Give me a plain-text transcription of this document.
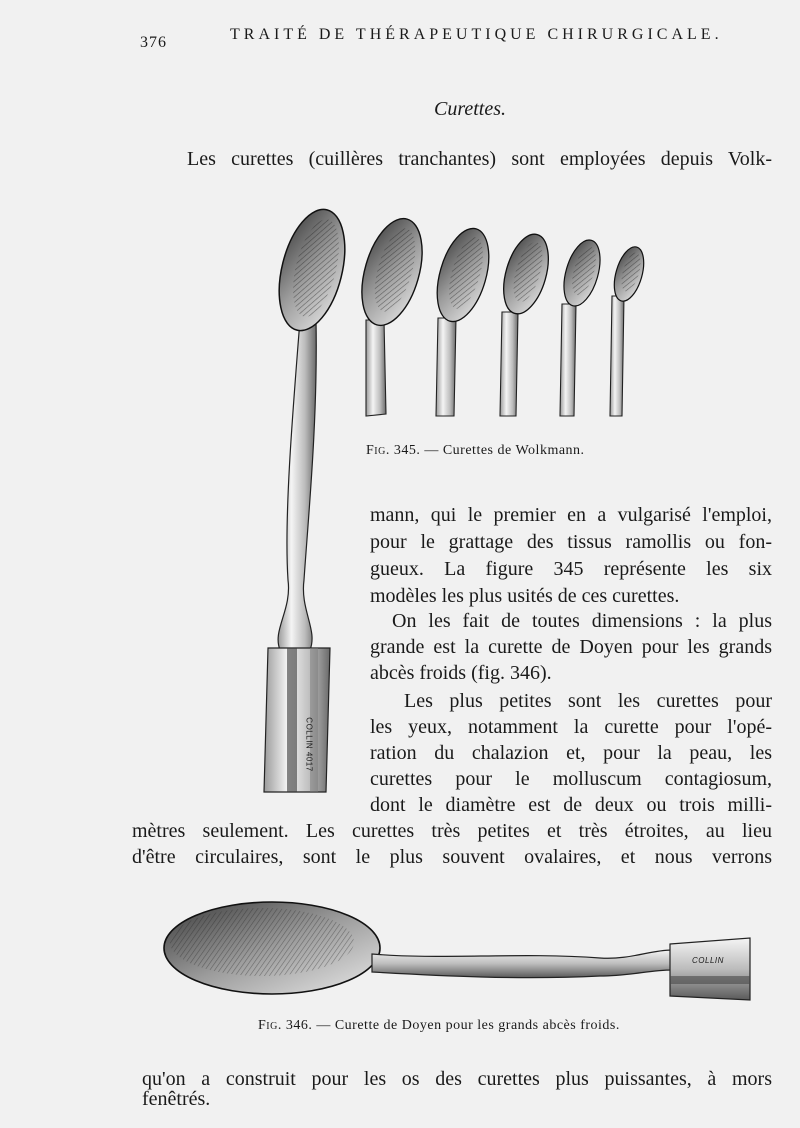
376	TRAITÉ DE THÉRAPEUTIQUE CHIRURGICALE.
Curettes.
Les curettes (cuillères tranchantes) sont employées depuis Volk-
COLLIN 4017
COLLIN
Fig. 345. — Curettes de Wolkmann.
mann, qui le premier en a vulgarisé l'emploi,
pour le grattage des tissus ramollis ou fon-
gueux. La figure 345 représente les six
modèles les plus usités de ces curettes.
On les fait de toutes dimensions : la plus
grande est la curette de Doyen pour les grands
abcès froids (fig. 346).
Les plus petites sont les curettes pour
les yeux, notamment la curette pour l'opé-
ration du chalazion et, pour la peau, les
curettes pour le molluscum contagiosum,
dont le diamètre est de deux ou trois milli-
mètres seulement. Les curettes très petites et très étroites, au lieu
d'être circulaires, sont le plus souvent ovalaires, et nous verrons
Fig. 346. — Curette de Doyen pour les grands abcès froids.
qu'on a construit pour les os des curettes plus puissantes, à mors
fenêtrés.
